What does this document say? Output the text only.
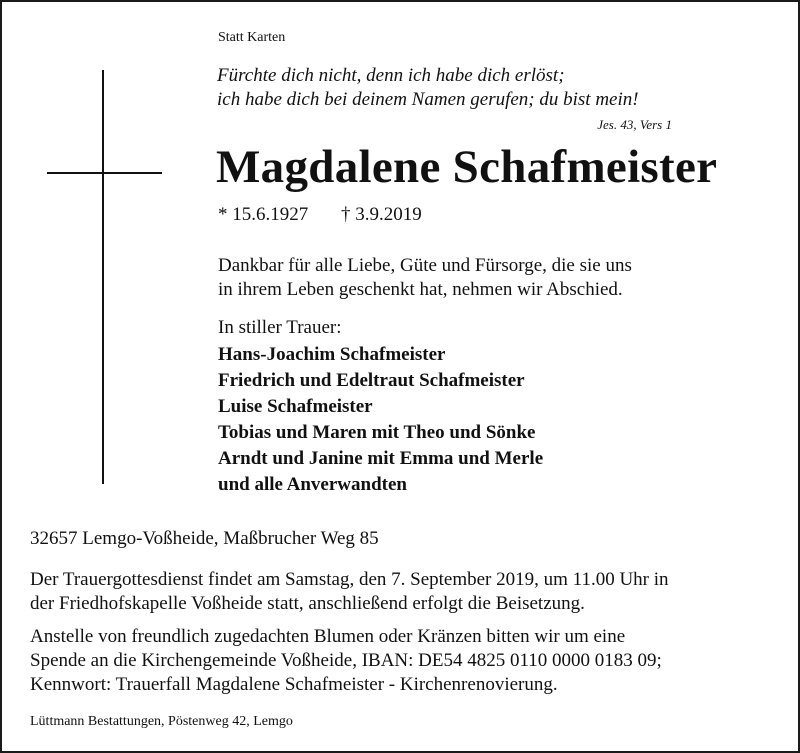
Statt Karten
Fürchte dich nicht, denn ich habe dich erlöst;
ich habe dich bei deinem Namen gerufen; du bist mein!
Jes. 43, Vers 1
Magdalene Schafmeister
* 15.6.1927 † 3.9.2019
Dankbar für alle Liebe, Güte und Fürsorge, die sie uns
in ihrem Leben geschenkt hat, nehmen wir Abschied.
In stiller Trauer:
Hans-Joachim Schafmeister
Friedrich und Edeltraut Schafmeister
Luise Schafmeister
Tobias und Maren mit Theo und Sönke
Arndt und Janine mit Emma und Merle
und alle Anverwandten
32657 Lemgo-Voßheide, Maßbrucher Weg 85
Der Trauergottesdienst findet am Samstag, den 7. September 2019, um 11.00 Uhr in
der Friedhofskapelle Voßheide statt, anschließend erfolgt die Beisetzung.
Anstelle von freundlich zugedachten Blumen oder Kränzen bitten wir um eine
Spende an die Kirchengemeinde Voßheide, IBAN: DE54 4825 0110 0000 0183 09;
Kennwort: Trauerfall Magdalene Schafmeister - Kirchenrenovierung.
Lüttmann Bestattungen, Pöstenweg 42, Lemgo
